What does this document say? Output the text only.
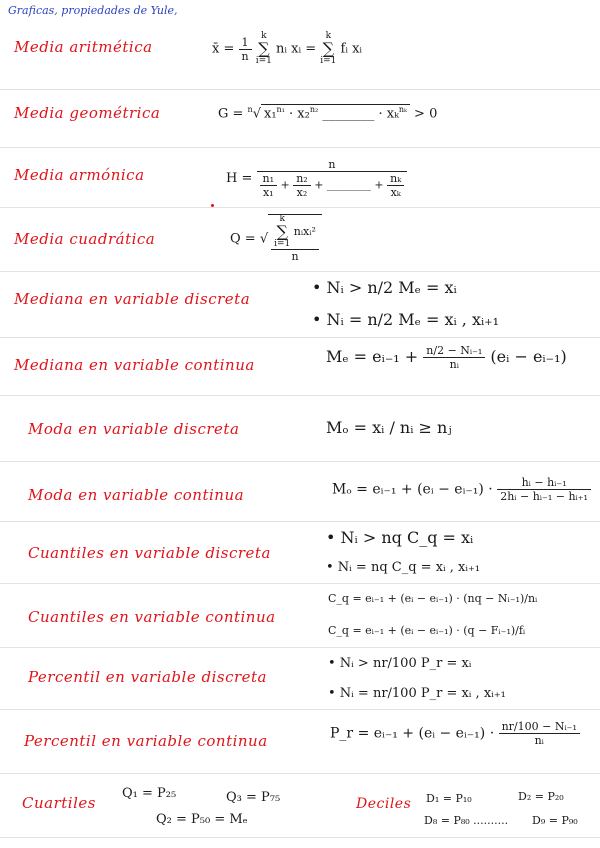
Graficas, propiedades de Yule,
Media aritmética	x̄ = $\frac{1}{n}$ k
∑
i=1 nᵢ xᵢ = k
∑
i=1 fᵢ xᵢ
Media geométrica	G = $^n$√ x₁$^{n_1}$ · x₂$^{n_2}$ ________ · xₖ$^{n_k}$ > 0
Media armónica	$H = \frac{n}{\frac{\text{n₁}}{\text{x₁}} + \frac{\text{n₂}}{\text{x₂}} + \_\_\_\_\_\_\_\_ + \frac{\text{nₖ}}{\text{xₖ}}}$
Media cuadrática	Q = √ k
∑
i=1 nᵢxᵢ²
n
Mediana en variable discreta
• Nᵢ > n/2 Mₑ = xᵢ
• Nᵢ = n/2 Mₑ = xᵢ , xᵢ₊₁
Mediana en variable continua	Mₑ = eᵢ₋₁ + $\frac{\text{n/2 − Nᵢ₋₁}}{\text{nᵢ}}$ (eᵢ − eᵢ₋₁)
Moda en variable discreta	Mₒ = xᵢ / nᵢ ≥ nⱼ
Moda en variable continua	Mₒ = eᵢ₋₁ + (eᵢ − eᵢ₋₁) · $\frac{\text{hᵢ − hᵢ₋₁}}{\text{2hᵢ − hᵢ₋₁ − hᵢ₊₁}}$
Cuantiles en variable discreta
• Nᵢ > nq C_q = xᵢ
• Nᵢ = nq C_q = xᵢ , xᵢ₊₁
Cuantiles en variable continua
C_q = eᵢ₋₁ + (eᵢ − eᵢ₋₁) · (nq − Nᵢ₋₁)/nᵢ
C_q = eᵢ₋₁ + (eᵢ − eᵢ₋₁) · (q − Fᵢ₋₁)/fᵢ
Percentil en variable discreta
• Nᵢ > nr/100 P_r = xᵢ
• Nᵢ = nr/100 P_r = xᵢ , xᵢ₊₁
Percentil en variable continua	P_r = eᵢ₋₁ + (eᵢ − eᵢ₋₁) · $\frac{\text{nr/100 − Nᵢ₋₁}}{\text{nᵢ}}$
Cuartiles
Q₁ = P₂₅	Q₃ = P₇₅
Q₂ = P₅₀ = Mₑ
Deciles D₁ = P₁₀	D₂ = P₂₀
D₈ = P₈₀ .......... D₉ = P₉₀
